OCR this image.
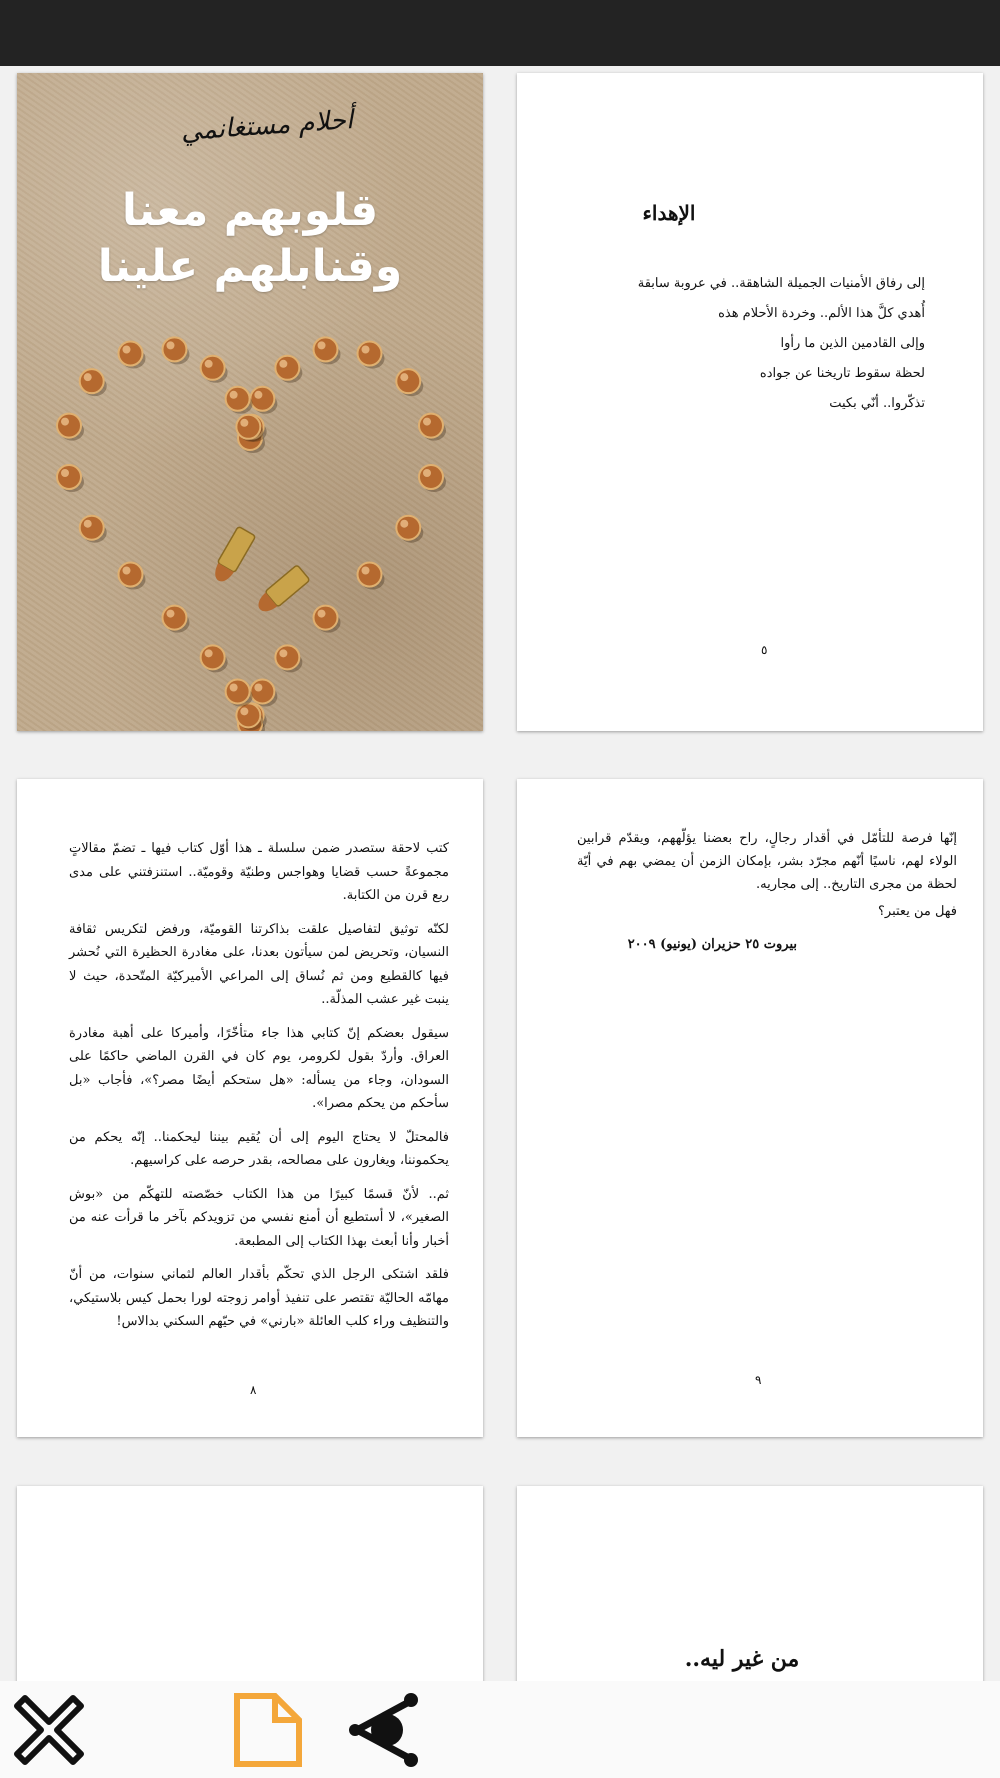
أحلام مستغانمي
قلوبهم معنا
وقنابلهم علينا
الإهداء
إلى رفاق الأمنيات الجميلة الشاهقة.. في عروبة سابقة
أُهدي كلَّ هذا الألم.. وخردة الأحلام هذه
وإلى القادمين الذين ما رأوا
لحظة سقوط تاريخنا عن جواده
تذكّروا.. أنّي بكيت
٥

كتب لاحقة ستصدر ضمن سلسلة ـ هذا أوّل كتاب فيها ـ تضمّ مقالاتٍ مجموعةً حسب قضايا وهواجس وطنيّة وقوميّة.. استنزفتني على مدى ربع قرن من الكتابة.

لكنّه توثيق لتفاصيل علقت بذاكرتنا القوميّة، ورفض لتكريس ثقافة النسيان، وتحريض لمن سيأتون بعدنا، على مغادرة الحظيرة التي نُحشر فيها كالقطيع ومن ثم نُساق إلى المراعي الأميركيّة المتّحدة، حيث لا ينبت غير عشب المذلّة..

سيقول بعضكم إنّ كتابي هذا جاء متأخّرًا، وأميركا على أهبة مغادرة العراق. وأردّ بقول لكرومر، يوم كان في القرن الماضي حاكمًا على السودان، وجاء من يسأله: «هل ستحكم أيضًا مصر؟»، فأجاب «بل سأحكم من يحكم مصرا».

فالمحتلّ لا يحتاج اليوم إلى أن يُقيم بيننا ليحكمنا.. إنّه يحكم من يحكموننا، ويغارون على مصالحه، بقدر حرصه على كراسيهم.

ثم.. لأنّ قسمًا كبيرًا من هذا الكتاب خصّصته للتهكّم من «بوش الصغير»، لا أستطيع أن أمنع نفسي من تزويدكم بآخر ما قرأت عنه من أخبار وأنا أبعث بهذا الكتاب إلى المطبعة.

فلقد اشتكى الرجل الذي تحكّم بأقدار العالم لثماني سنوات، من أنّ مهامّه الحاليّة تقتصر على تنفيذ أوامر زوجته لورا بحمل كيس بلاستيكي، والتنظيف وراء كلب العائلة «بارني» في حيّهم السكني بدالاس!

٨

إنّها فرصة للتأمّل في أقدار رجالٍ، راح بعضنا يؤلّههم، ويقدّم قرابين الولاء لهم، ناسيًا أنّهم مجرّد بشر، بإمكان الزمن أن يمضي بهم في أيّة لحظة من مجرى التاريخ.. إلى مجاريه.

فهل من يعتبر؟

بيروت ٢٥ حزيران (يونيو) ٢٠٠٩
٩
من غير ليه..
